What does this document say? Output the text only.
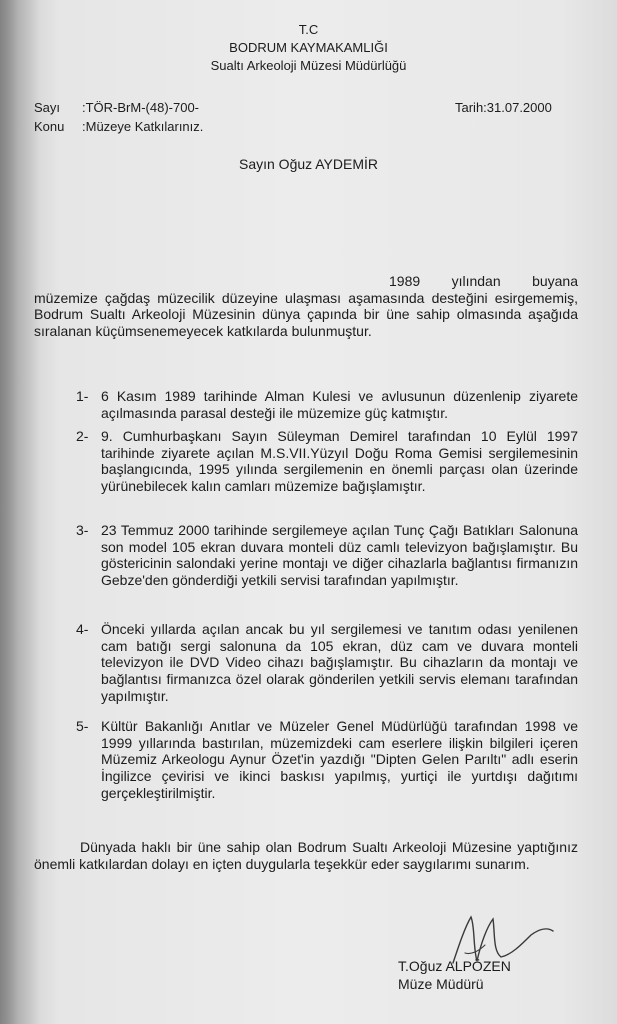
T.C
BODRUM KAYMAKAMLIĞI
Sualtı Arkeoloji Müzesi Müdürlüğü
Sayı :TÖR-BrM-(48)-700-	Tarih:31.07.2000
Konu :Müzeye Katkılarınız.
Sayın Oğuz AYDEMİR
1989 yılından buyana müzemize çağdaş müzecilik düzeyine ulaşması aşamasında desteğini esirgememiş, Bodrum Sualtı Arkeoloji Müzesinin dünya çapında bir üne sahip olmasında aşağıda sıralanan küçümsenemeyecek katkılarda bulunmuştur.
1- 6 Kasım 1989 tarihinde Alman Kulesi ve avlusunun düzenlenip ziyarete açılmasında parasal desteği ile müzemize güç katmıştır.
2- 9. Cumhurbaşkanı Sayın Süleyman Demirel tarafından 10 Eylül 1997 tarihinde ziyarete açılan M.S.VII.Yüzyıl Doğu Roma Gemisi sergilemesinin başlangıcında, 1995 yılında sergilemenin en önemli parçası olan üzerinde yürünebilecek kalın camları müzemize bağışlamıştır.
3- 23 Temmuz 2000 tarihinde sergilemeye açılan Tunç Çağı Batıkları Salonuna son model 105 ekran duvara monteli düz camlı televizyon bağışlamıştır. Bu göstericinin salondaki yerine montajı ve diğer cihazlarla bağlantısı firmanızın Gebze'den gönderdiği yetkili servisi tarafından yapılmıştır.
4- Önceki yıllarda açılan ancak bu yıl sergilemesi ve tanıtım odası yenilenen cam batığı sergi salonuna da 105 ekran, düz cam ve duvara monteli televizyon ile DVD Video cihazı bağışlamıştır. Bu cihazların da montajı ve bağlantısı firmanızca özel olarak gönderilen yetkili servis elemanı tarafından yapılmıştır.
5- Kültür Bakanlığı Anıtlar ve Müzeler Genel Müdürlüğü tarafından 1998 ve 1999 yıllarında bastırılan, müzemizdeki cam eserlere ilişkin bilgileri içeren Müzemiz Arkeologu Aynur Özet'in yazdığı "Dipten Gelen Parıltı" adlı eserin İngilizce çevirisi ve ikinci baskısı yapılmış, yurtiçi ile yurtdışı dağıtımı gerçekleştirilmiştir.
Dünyada haklı bir üne sahip olan Bodrum Sualtı Arkeoloji Müzesine yaptığınız önemli katkılardan dolayı en içten duygularla teşekkür eder saygılarımı sunarım.
T.Oğuz ALPÖZEN
Müze Müdürü
